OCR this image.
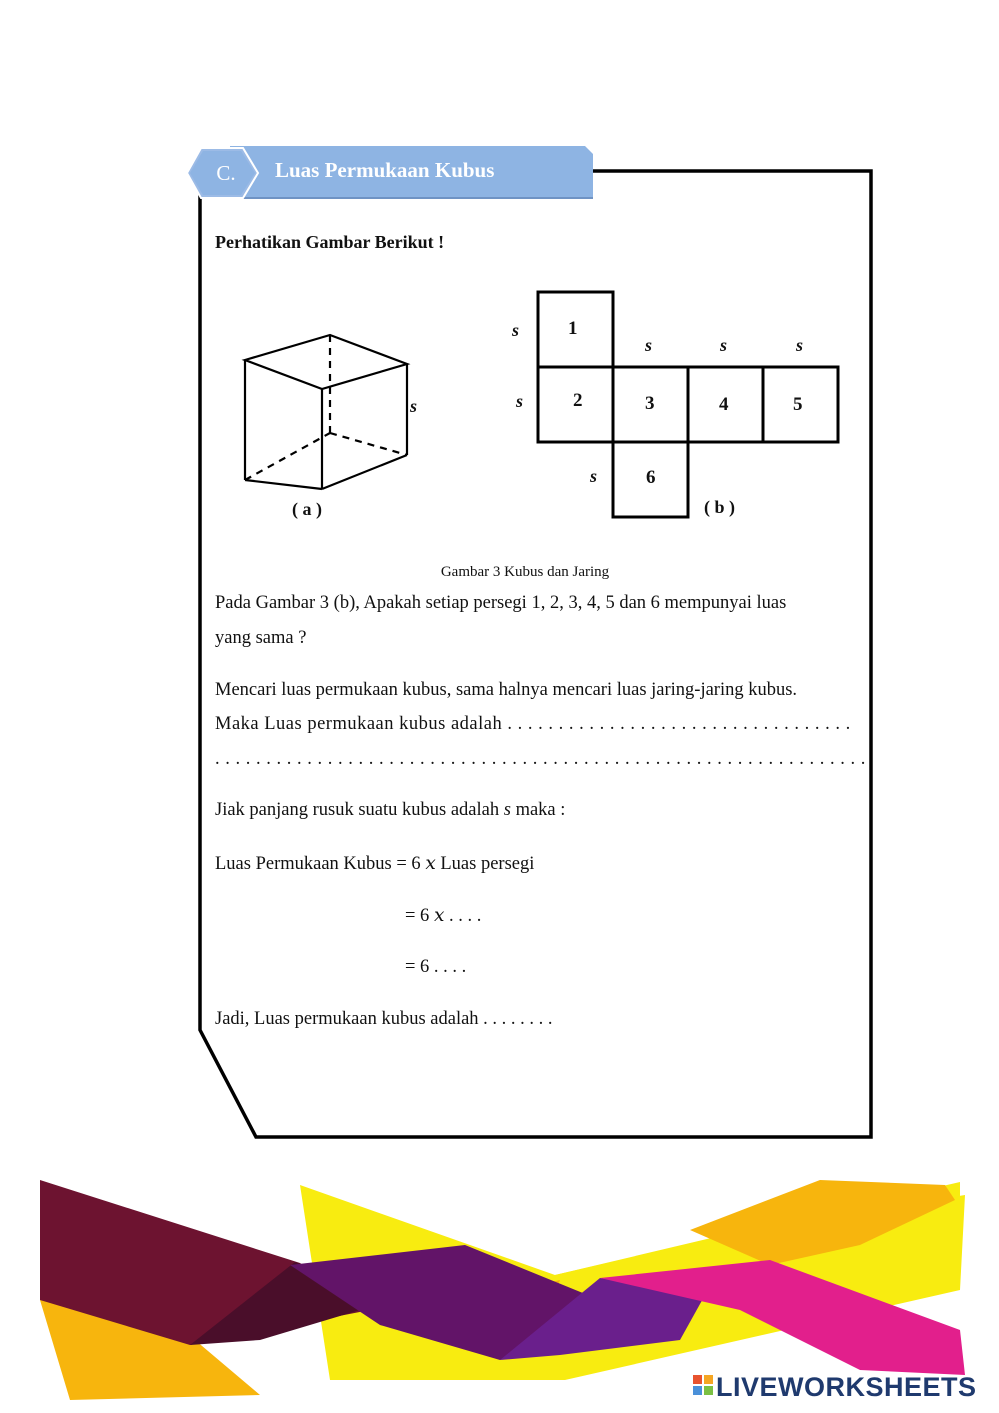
C.	Luas Permukaan Kubus
Perhatikan Gambar Berikut !
s
( a )
s
s
s	s	s
s
1
2	3	4	5
6
( b )
Gambar 3 Kubus dan Jaring
Pada Gambar 3 (b), Apakah setiap persegi 1, 2, 3, 4, 5 dan 6 mempunyai luas
yang sama ?
Mencari luas permukaan kubus, sama halnya mencari luas jaring-jaring kubus.
Maka Luas permukaan kubus adalah . . . . . . . . . . . . . . . . . . . . . . . . . . . . . . . . . .
. . . . . . . . . . . . . . . . . . . . . . . . . . . . . . . . . . . . . . . . . . . . . . . . . . . . . . . . . . . . . . . .
Jiak panjang rusuk suatu kubus adalah s maka :
Luas Permukaan Kubus = 6 x Luas persegi
= 6 x . . . .
= 6 . . . .
Jadi, Luas permukaan kubus adalah . . . . . . . .
LIVEWORKSHEETS
